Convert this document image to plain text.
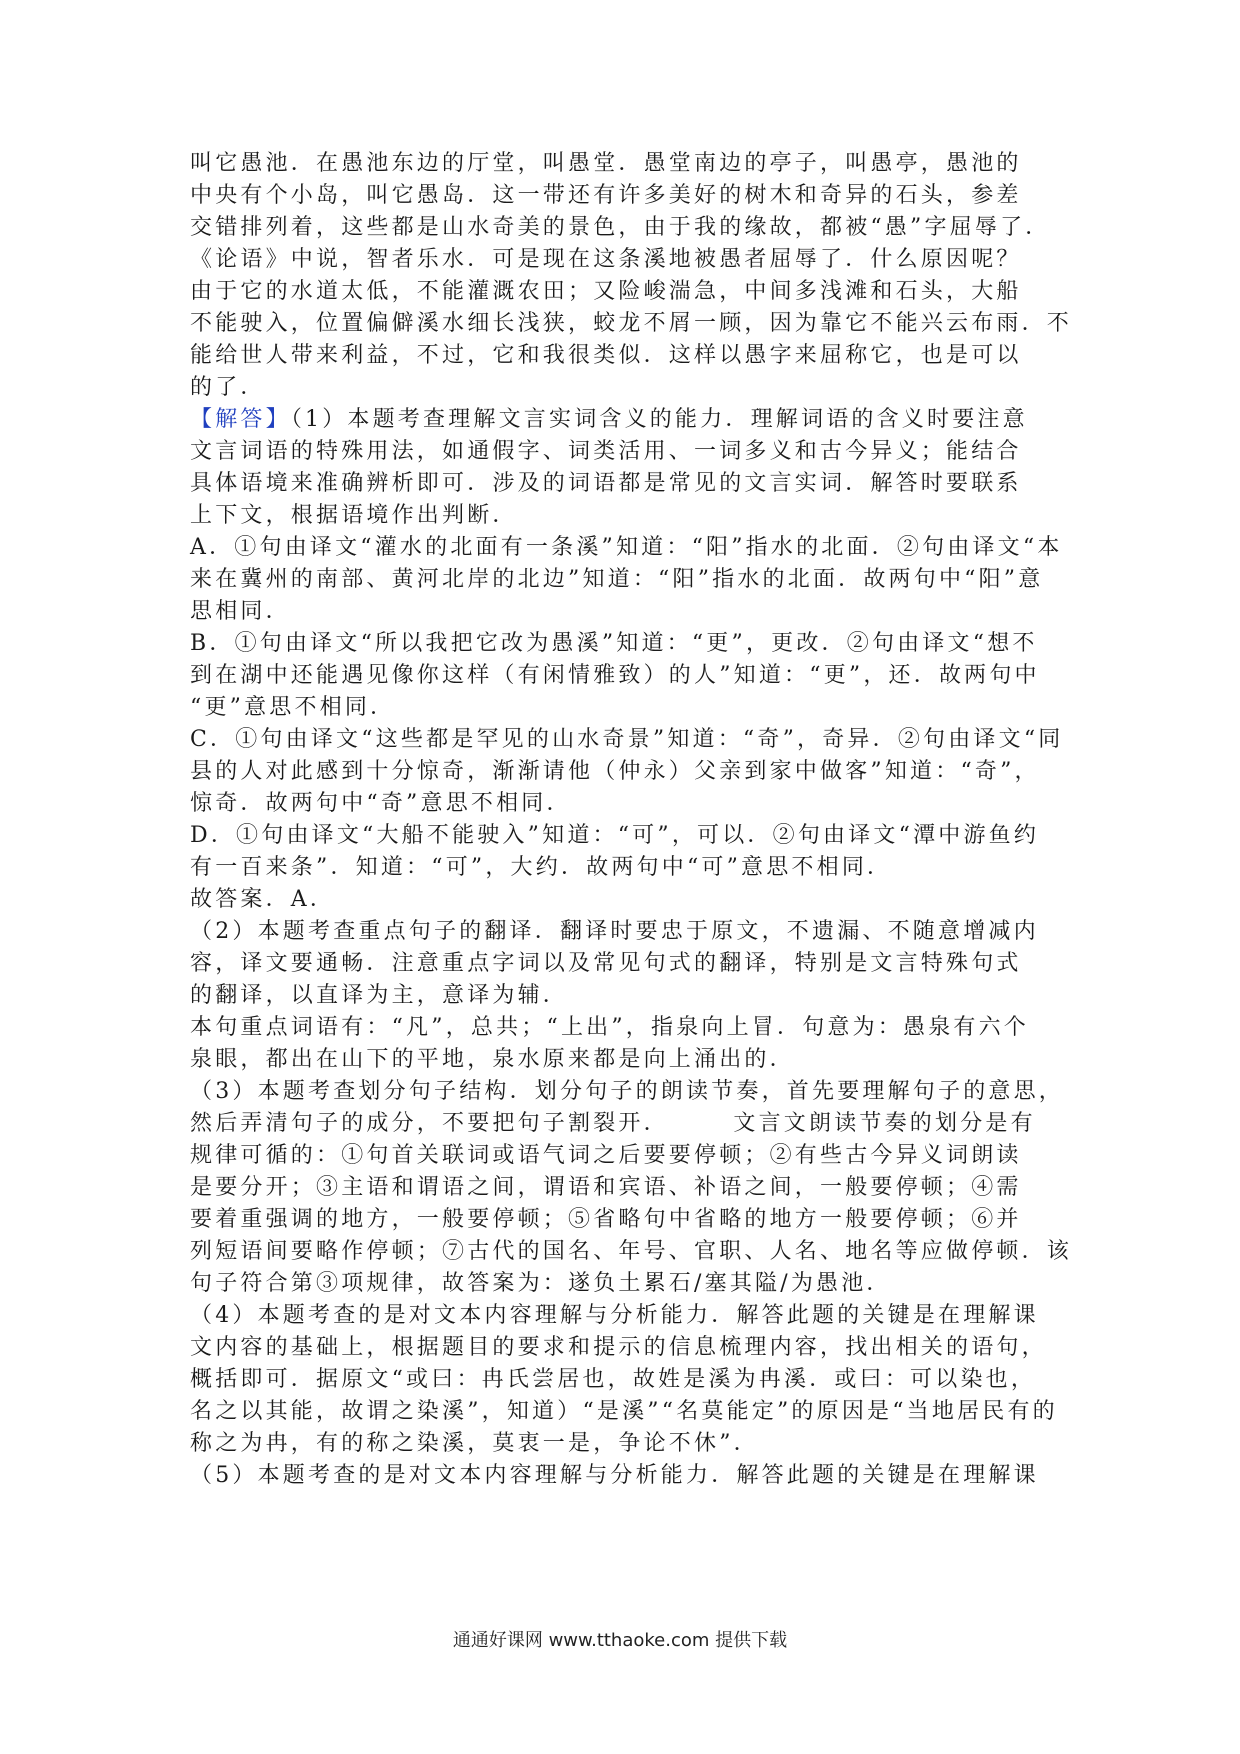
叫它愚池．在愚池东边的厅堂，叫愚堂．愚堂南边的亭子，叫愚亭，愚池的
中央有个小岛，叫它愚岛．这一带还有许多美好的树木和奇异的石头，参差
交错排列着，这些都是山水奇美的景色，由于我的缘故，都被“愚”字屈辱了．
《论语》中说，智者乐水．可是现在这条溪地被愚者屈辱了．什么原因呢？
由于它的水道太低，不能灌溉农田；又险峻湍急，中间多浅滩和石头，大船
不能驶入，位置偏僻溪水细长浅狭，蛟龙不屑一顾，因为靠它不能兴云布雨．不
能给世人带来利益，不过，它和我很类似．这样以愚字来屈称它，也是可以
的了．
【解答】（1）本题考查理解文言实词含义的能力．理解词语的含义时要注意
文言词语的特殊用法，如通假字、词类活用、一词多义和古今异义；能结合
具体语境来准确辨析即可．涉及的词语都是常见的文言实词．解答时要联系
上下文，根据语境作出判断．
A．①句由译文“灌水的北面有一条溪”知道：“阳”指水的北面．②句由译文“本
来在冀州的南部、黄河北岸的北边”知道：“阳”指水的北面．故两句中“阳”意
思相同．
B．①句由译文“所以我把它改为愚溪”知道：“更”，更改．②句由译文“想不
到在湖中还能遇见像你这样（有闲情雅致）的人”知道：“更”，还．故两句中
“更”意思不相同．
C．①句由译文“这些都是罕见的山水奇景”知道：“奇”，奇异．②句由译文“同
县的人对此感到十分惊奇，渐渐请他（仲永）父亲到家中做客”知道：“奇”，
惊奇．故两句中“奇”意思不相同．
D．①句由译文“大船不能驶入”知道：“可”，可以．②句由译文“潭中游鱼约
有一百来条”．知道：“可”，大约．故两句中“可”意思不相同．
故答案．A．
（2）本题考查重点句子的翻译．翻译时要忠于原文，不遗漏、不随意增减内
容，译文要通畅．注意重点字词以及常见句式的翻译，特别是文言特殊句式
的翻译，以直译为主，意译为辅．
本句重点词语有：“凡”，总共；“上出”，指泉向上冒．句意为：愚泉有六个
泉眼，都出在山下的平地，泉水原来都是向上涌出的．
（3）本题考查划分句子结构．划分句子的朗读节奏，首先要理解句子的意思，
然后弄清句子的成分，不要把句子割裂开．　　　文言文朗读节奏的划分是有
规律可循的：①句首关联词或语气词之后要要停顿；②有些古今异义词朗读
是要分开；③主语和谓语之间，谓语和宾语、补语之间，一般要停顿；④需
要着重强调的地方，一般要停顿；⑤省略句中省略的地方一般要停顿；⑥并
列短语间要略作停顿；⑦古代的国名、年号、官职、人名、地名等应做停顿．该
句子符合第③项规律，故答案为：遂负土累石/塞其隘/为愚池．
（4）本题考查的是对文本内容理解与分析能力．解答此题的关键是在理解课
文内容的基础上，根据题目的要求和提示的信息梳理内容，找出相关的语句，
概括即可．据原文“或曰：冉氏尝居也，故姓是溪为冉溪．或曰：可以染也，
名之以其能，故谓之染溪”，知道）“是溪”“名莫能定”的原因是“当地居民有的
称之为冉，有的称之染溪，莫衷一是，争论不休”．
（5）本题考查的是对文本内容理解与分析能力．解答此题的关键是在理解课
通通好课网 www.tthaoke.com 提供下载
